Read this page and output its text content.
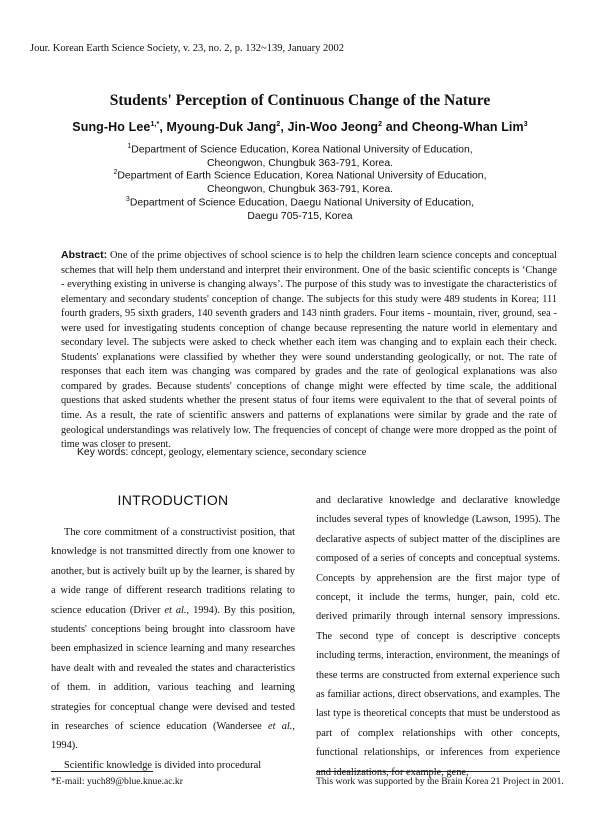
Jour. Korean Earth Science Society, v. 23, no. 2, p. 132~139, January 2002
Students' Perception of Continuous Change of the Nature
Sung-Ho Lee$^{1,*}$, Myoung-Duk Jang$^2$, Jin-Woo Jeong$^2$ and Cheong-Whan Lim$^3$
$^1$Department of Science Education, Korea National University of Education,
Cheongwon, Chungbuk 363-791, Korea.
$^2$Department of Earth Science Education, Korea National University of Education,
Cheongwon, Chungbuk 363-791, Korea.
$^3$Department of Science Education, Daegu National University of Education,
Daegu 705-715, Korea
Abstract: One of the prime objectives of school science is to help the children learn science concepts and conceptual schemes that will help them understand and interpret their environment. One of the basic scientific concepts is ‘Change - everything existing in universe is changing always’. The purpose of this study was to investigate the characteristics of elementary and secondary students' conception of change. The subjects for this study were 489 students in Korea; 111 fourth graders, 95 sixth graders, 140 seventh graders and 143 ninth graders. Four items - mountain, river, ground, sea - were used for investigating students conception of change because representing the nature world in elementary and secondary level. The subjects were asked to check whether each item was changing and to explain each their check. Students' explanations were classified by whether they were sound understanding geologically, or not. The rate of responses that each item was changing was compared by grades and the rate of geological explanations was also compared by grades. Because students' conceptions of change might were effected by time scale, the additional questions that asked students whether the present status of four items were equivalent to the that of several points of time. As a result, the rate of scientific answers and patterns of explanations were similar by grade and the rate of geological understandings was relatively low. The frequencies of concept of change were more dropped as the point of time was closer to present.
Key words: concept, geology, elementary science, secondary science
INTRODUCTION

The core commitment of a constructivist position, that knowledge is not transmitted directly from one knower to another, but is actively built up by the learner, is shared by a wide range of different research traditions relating to science education (Driver et al., 1994). By this position, students' conceptions being brought into classroom have been emphasized in science learning and many researches have dealt with and revealed the states and characteristics of them. in addition, various teaching and learning strategies for conceptual change were devised and tested in researches of science education (Wandersee et al., 1994).

Scientific knowledge is divided into procedural

and declarative knowledge and declarative knowledge includes several types of knowledge (Lawson, 1995). The declarative aspects of subject matter of the disciplines are composed of a series of concepts and conceptual systems. Concepts by apprehension are the first major type of concept, it include the terms, hunger, pain, cold etc. derived primarily through internal sensory impressions. The second type of concept is descriptive concepts including terms, interaction, environment, the meanings of these terms are constructed from external experience such as familiar actions, direct observations, and examples. The last type is theoretical concepts that must be understood as part of complex relationships with other concepts, functional relationships, or inferences from experience and idealizations, for example, gene,

*E-mail: yuch89@blue.knue.ac.kr	This work was supported by the Brain Korea 21 Project in 2001.
